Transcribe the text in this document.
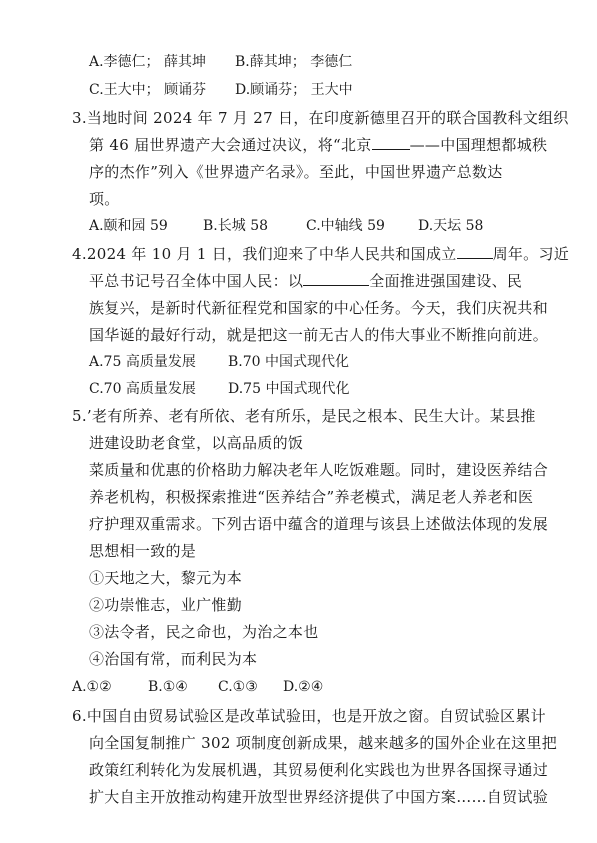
A.李德仁； 薛其坤 B.薛其坤； 李德仁
C.王大中； 顾诵芬 D.顾诵芬； 王大中
3.当地时间 2024 年 7 月 27 日，在印度新德里召开的联合国教科文组织
第 46 届世界遗产大会通过决议，将“北京	——中国理想都城秩
序的杰作”列入《世界遗产名录》。至此，中国世界遗产总数达
项。
A.颐和园 59	B.长城 58	C.中轴线 59 D.天坛 58
4.2024 年 10 月 1 日，我们迎来了中华人民共和国成立 周年。习近
平总书记号召全体中国人民：以	全面推进强国建设、民
族复兴，是新时代新征程党和国家的中心任务。今天，我们庆祝共和
国华诞的最好行动，就是把这一前无古人的伟大事业不断推向前进。
A.75 高质量发展 B.70 中国式现代化
C.70 高质量发展 D.75 中国式现代化
5.’老有所养、老有所依、老有所乐，是民之根本、民生大计。某县推
进建设助老食堂，以高品质的饭
菜质量和优惠的价格助力解决老年人吃饭难题。同时，建设医养结合
养老机构，积极探索推进“医养结合”养老模式，满足老人养老和医
疗护理双重需求。下列古语中蕴含的道理与该县上述做法体现的发展
思想相一致的是
①天地之大，黎元为本
②功崇惟志，业广惟勤
③法令者，民之命也，为治之本也
④治国有常，而利民为本
A.①②	B.①④ C.①③ D.②④
6.中国自由贸易试验区是改革试验田，也是开放之窗。自贸试验区累计
向全国复制推广 302 项制度创新成果，越来越多的国外企业在这里把
政策红利转化为发展机遇，其贸易便利化实践也为世界各国探寻通过
扩大自主开放推动构建开放型世界经济提供了中国方案……自贸试验
